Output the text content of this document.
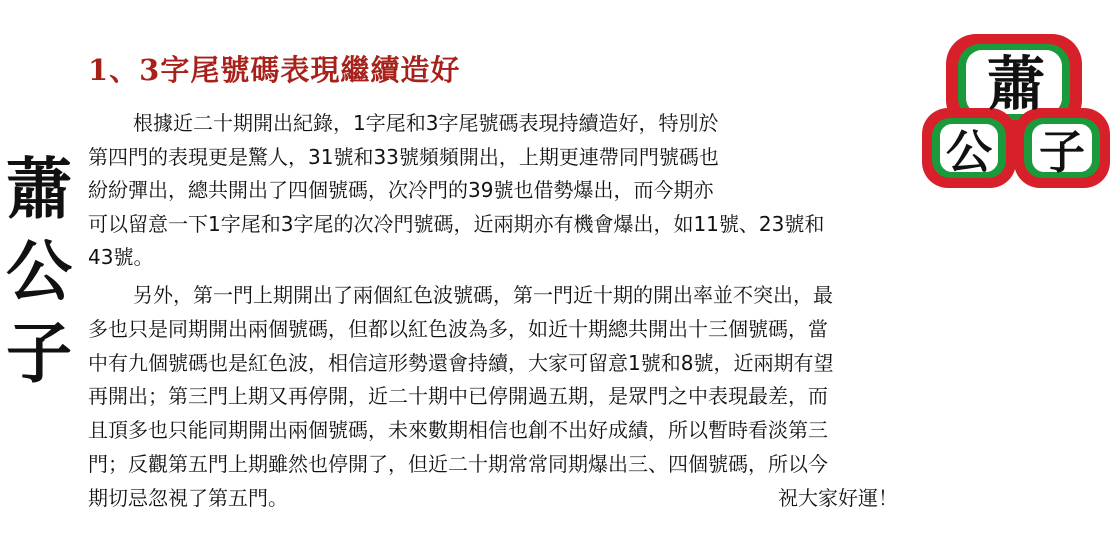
蕭
公
子
1、3字尾號碼表現繼續造好
根據近二十期開出紀錄，1字尾和3字尾號碼表現持續造好，特別於
第四門的表現更是驚人，31號和33號頻頻開出，上期更連帶同門號碼也
紛紛彈出，總共開出了四個號碼，次冷門的39號也借勢爆出，而今期亦
可以留意一下1字尾和3字尾的次冷門號碼，近兩期亦有機會爆出，如11號、23號和
43號。
另外，第一門上期開出了兩個紅色波號碼，第一門近十期的開出率並不突出，最
多也只是同期開出兩個號碼，但都以紅色波為多，如近十期總共開出十三個號碼，當
中有九個號碼也是紅色波，相信這形勢還會持續，大家可留意1號和8號，近兩期有望
再開出；第三門上期又再停開，近二十期中已停開過五期，是眾門之中表現最差，而
且頂多也只能同期開出兩個號碼，未來數期相信也創不出好成績，所以暫時看淡第三
門；反觀第五門上期雖然也停開了，但近二十期常常同期爆出三、四個號碼，所以今
期切忌忽視了第五門。	祝大家好運！
蕭
公 子
